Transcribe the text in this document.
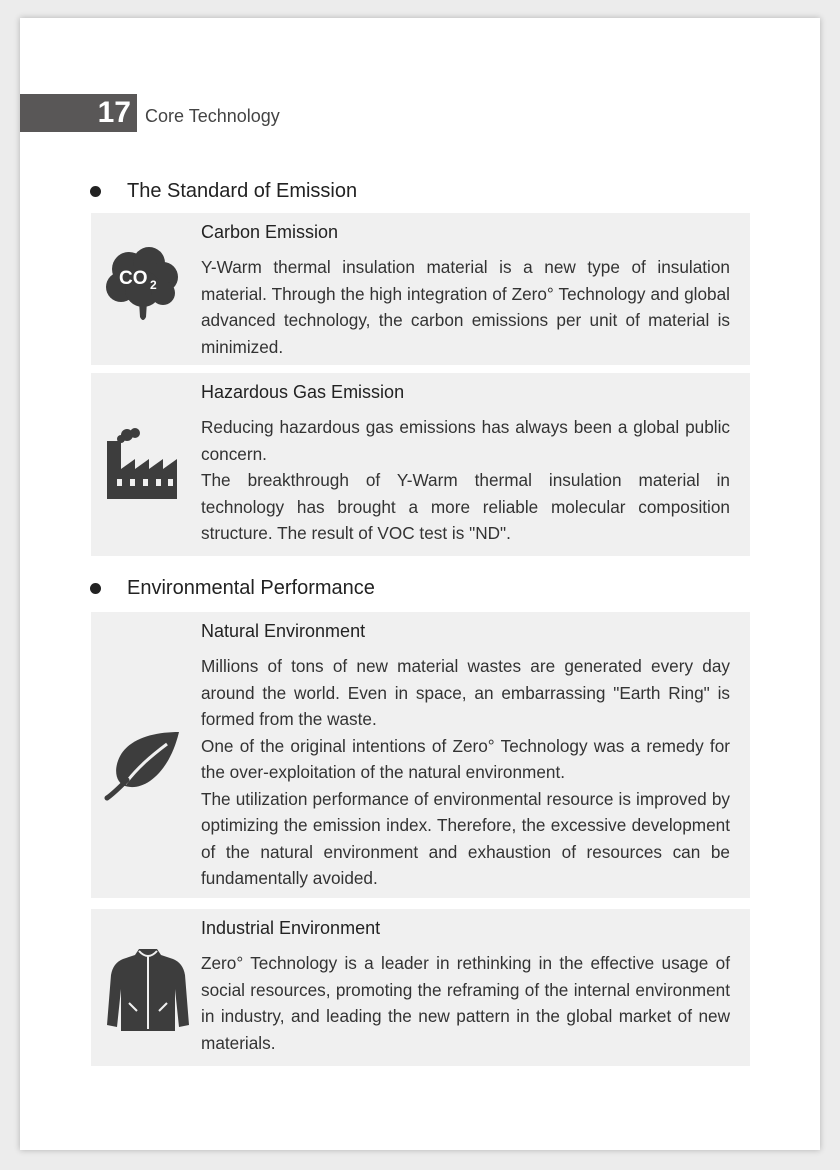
17 Core Technology
The Standard of Emission
CO 2
Carbon Emission

Y-Warm thermal insulation material is a new type of insulation material. Through the high integration of Zero° Technology and global advanced technology, the carbon emissions per unit of material is minimized.

Hazardous Gas Emission

Reducing hazardous gas emissions has always been a global public concern.

The breakthrough of Y-Warm thermal insulation material in technology has brought a more reliable molecular composition structure. The result of VOC test is "ND".

Environmental Performance
Natural Environment

Millions of tons of new material wastes are generated every day around the world. Even in space, an embarrassing "Earth Ring" is formed from the waste.

One of the original intentions of Zero° Technology was a remedy for the over-exploitation of the natural environment.

The utilization performance of environmental resource is improved by optimizing the emission index. Therefore, the excessive development of the natural environment and exhaustion of resources can be fundamentally avoided.

Industrial Environment

Zero° Technology is a leader in rethinking in the effective usage of social resources, promoting the reframing of the internal environment in industry, and leading the new pattern in the global market of new materials.
